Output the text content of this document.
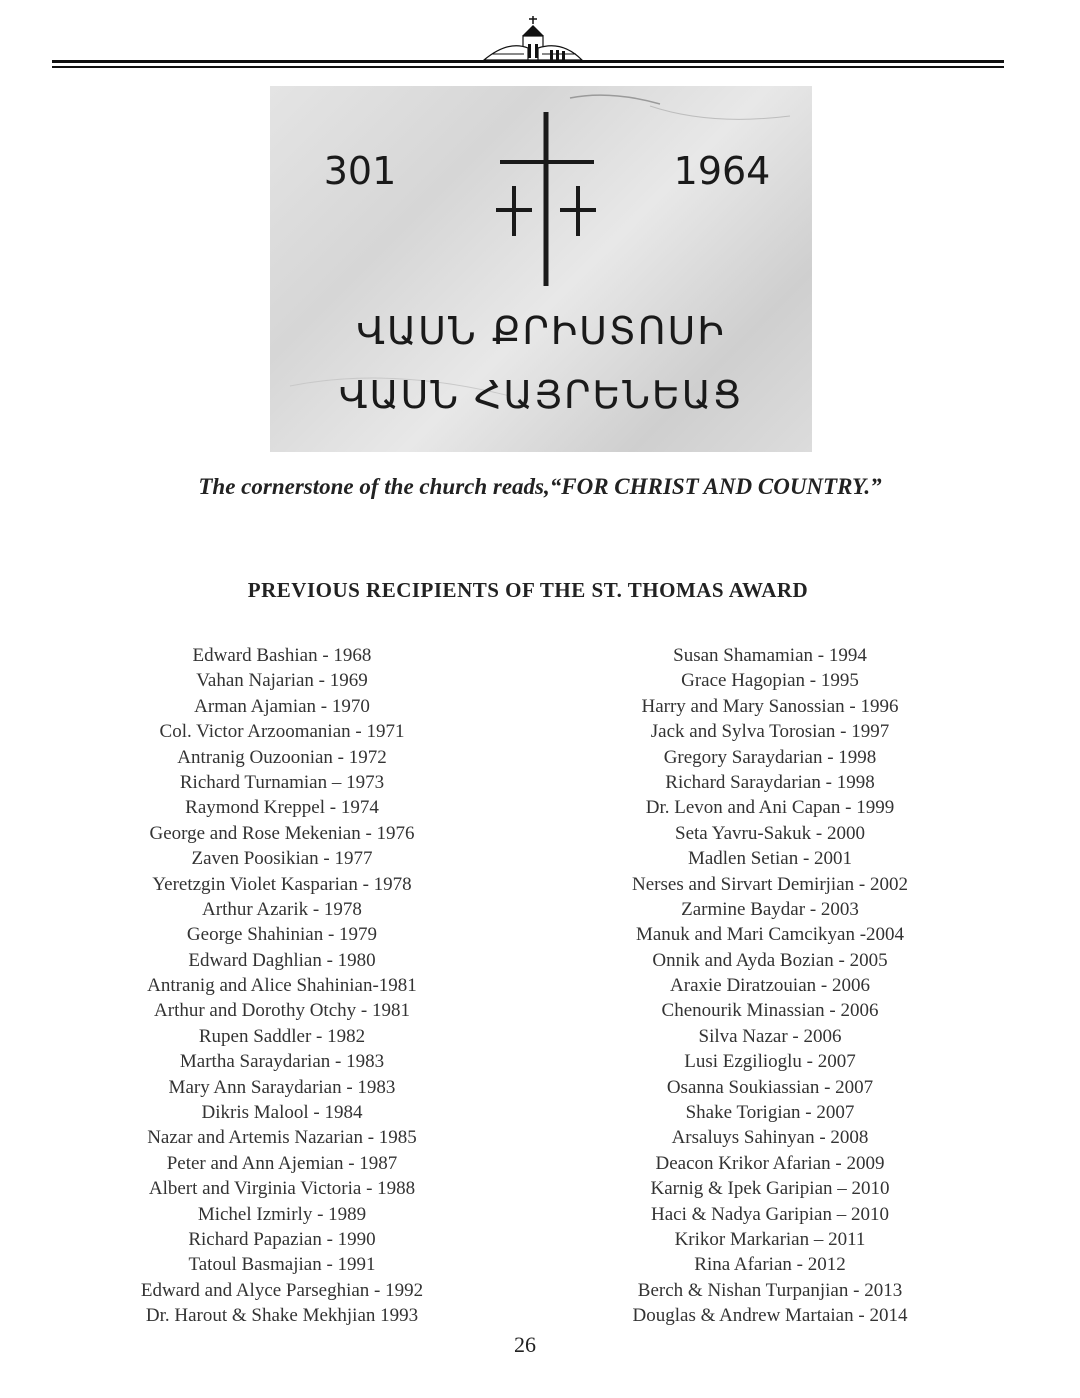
301	1964
ՎԱՍՆ ՔՐԻՍՏՈՍԻ
ՎԱՍՆ ՀԱՅՐԵՆԵԱՑ
The cornerstone of the church reads,“FOR CHRIST AND COUNTRY.”
PREVIOUS RECIPIENTS OF THE ST. THOMAS AWARD
Edward Bashian - 1968
Vahan Najarian - 1969
Arman Ajamian - 1970
Col. Victor Arzoomanian - 1971
Antranig Ouzoonian - 1972
Richard Turnamian – 1973
Raymond Kreppel - 1974
George and Rose Mekenian - 1976
Zaven Poosikian - 1977
Yeretzgin Violet Kasparian - 1978
Arthur Azarik - 1978
George Shahinian - 1979
Edward Daghlian - 1980
Antranig and Alice Shahinian-1981
Arthur and Dorothy Otchy - 1981
Rupen Saddler - 1982
Martha Saraydarian - 1983
Mary Ann Saraydarian - 1983
Dikris Malool - 1984
Nazar and Artemis Nazarian - 1985
Peter and Ann Ajemian - 1987
Albert and Virginia Victoria - 1988
Michel Izmirly - 1989
Richard Papazian - 1990
Tatoul Basmajian - 1991
Edward and Alyce Parseghian - 1992
Dr. Harout & Shake Mekhjian 1993
Susan Shamamian - 1994
Grace Hagopian - 1995
Harry and Mary Sanossian - 1996
Jack and Sylva Torosian - 1997
Gregory Saraydarian - 1998
Richard Saraydarian - 1998
Dr. Levon and Ani Capan - 1999
Seta Yavru-Sakuk - 2000
Madlen Setian - 2001
Nerses and Sirvart Demirjian - 2002
Zarmine Baydar - 2003
Manuk and Mari Camcikyan -2004
Onnik and Ayda Bozian - 2005
Araxie Diratzouian - 2006
Chenourik Minassian - 2006
Silva Nazar - 2006
Lusi Ezgilioglu - 2007
Osanna Soukiassian - 2007
Shake Torigian - 2007
Arsaluys Sahinyan - 2008
Deacon Krikor Afarian - 2009
Karnig & Ipek Garipian – 2010
Haci & Nadya Garipian – 2010
Krikor Markarian – 2011
Rina Afarian - 2012
Berch & Nishan Turpanjian - 2013
Douglas & Andrew Martaian - 2014
26
